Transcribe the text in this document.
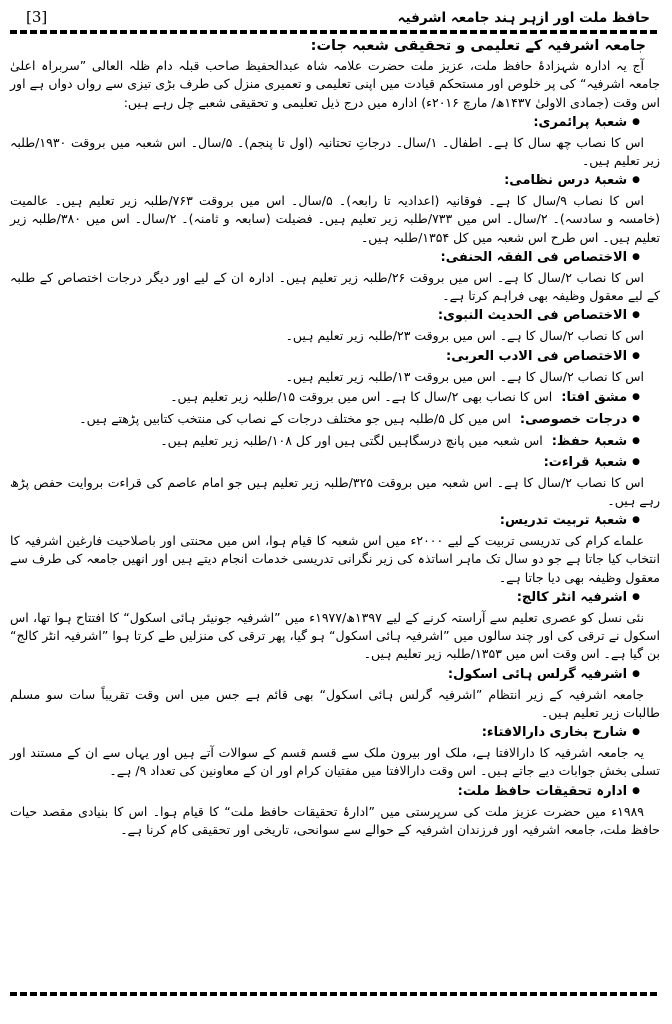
حافظ ملت اور ازہر ہند جامعہ اشرفیہ
[3]
جامعہ اشرفیہ کے تعلیمی و تحقیقی شعبہ جات:

آج یہ ادارہ شہزادۂ حافظ ملت، عزیز ملت حضرت علامہ شاہ عبدالحفیظ صاحب قبلہ دام ظلہ العالی ”سربراہ اعلیٰ جامعہ اشرفیہ“ کی پر خلوص اور مستحکم قیادت میں اپنی تعلیمی و تعمیری منزل کی طرف بڑی تیزی سے رواں دواں ہے اور اس وقت (جمادی الاولیٰ ۱۴۳۷ھ/ مارچ ۲۰۱۶ء) ادارہ میں درج ذیل تعلیمی و تحقیقی شعبے چل رہے ہیں:

●شعبۂ پرائمری:

اس کا نصاب چھ سال کا ہے۔ اطفال۔ ۱/سال۔ درجاتِ تحتانیہ (اول تا پنجم)۔ ۵/سال۔ اس شعبہ میں بروقت ۱۹۳۰/طلبہ زیر تعلیم ہیں۔

●شعبۂ درس نظامی:

اس کا نصاب ۹/سال کا ہے۔ فوقانیہ (اعدادیہ تا رابعہ)۔ ۵/سال۔ اس میں بروقت ۷۶۳/طلبہ زیر تعلیم ہیں۔ عالمیت (خامسہ و سادسہ)۔ ۲/سال۔ اس میں ۷۳۳/طلبہ زیر تعلیم ہیں۔ فضیلت (سابعہ و ثامنہ)۔ ۲/سال۔ اس میں ۳۸۰/طلبہ زیر تعلیم ہیں۔ اس طرح اس شعبہ میں کل ۱۳۵۴/طلبہ ہیں۔

●الاختصاص فی الفقہ الحنفی:

اس کا نصاب ۲/سال کا ہے۔ اس میں بروقت ۲۶/طلبہ زیر تعلیم ہیں۔ ادارہ ان کے لیے اور دیگر درجات اختصاص کے طلبہ کے لیے معقول وظیفہ بھی فراہم کرتا ہے۔

●الاختصاص فی الحدیث النبوی:

اس کا نصاب ۲/سال کا ہے۔ اس میں بروقت ۲۳/طلبہ زیر تعلیم ہیں۔

●الاختصاص فی الادب العربی:

اس کا نصاب ۲/سال کا ہے۔ اس میں بروقت ۱۳/طلبہ زیر تعلیم ہیں۔

●مشق افتا:اس کا نصاب بھی ۲/سال کا ہے۔ اس میں بروقت ۱۵/طلبہ زیر تعلیم ہیں۔
●درجات خصوصی:اس میں کل ۵/طلبہ ہیں جو مختلف درجات کے نصاب کی منتخب کتابیں پڑھتے ہیں۔
●شعبۂ حفظ:اس شعبہ میں پانچ درسگاہیں لگتی ہیں اور کل ۱۰۸/طلبہ زیر تعلیم ہیں۔
●شعبۂ قراءت:

اس کا نصاب ۲/سال کا ہے۔ اس شعبہ میں بروقت ۳۲۵/طلبہ زیر تعلیم ہیں جو امام عاصم کی قراءت بروایت حفص پڑھ رہے ہیں۔

●شعبۂ تربیت تدریس:

علماے کرام کی تدریسی تربیت کے لیے ۲۰۰۰ء میں اس شعبہ کا قیام ہوا، اس میں محنتی اور باصلاحیت فارغین اشرفیہ کا انتخاب کیا جاتا ہے جو دو سال تک ماہر اساتذہ کی زیر نگرانی تدریسی خدمات انجام دیتے ہیں اور انھیں جامعہ کی طرف سے معقول وظیفہ بھی دیا جاتا ہے۔

●اشرفیہ انٹر کالج:

نئی نسل کو عصری تعلیم سے آراستہ کرنے کے لیے ۱۳۹۷ھ/۱۹۷۷ء میں ”اشرفیہ جونیئر ہائی اسکول“ کا افتتاح ہوا تھا، اس اسکول نے ترقی کی اور چند سالوں میں ”اشرفیہ ہائی اسکول“ ہو گیا، پھر ترقی کی منزلیں طے کرتا ہوا ”اشرفیہ انٹر کالج“ بن گیا ہے۔ اس وقت اس میں ۱۳۵۳/طلبہ زیر تعلیم ہیں۔

●اشرفیہ گرلس ہائی اسکول:

جامعہ اشرفیہ کے زیر انتظام ”اشرفیہ گرلس ہائی اسکول“ بھی قائم ہے جس میں اس وقت تقریباً سات سو مسلم طالبات زیر تعلیم ہیں۔

●شارح بخاری دارالافتاء:

یہ جامعہ اشرفیہ کا دارالافتا ہے، ملک اور بیرون ملک سے قسم قسم کے سوالات آتے ہیں اور یہاں سے ان کے مستند اور تسلی بخش جوابات دیے جاتے ہیں۔ اس وقت دارالافتا میں مفتیان کرام اور ان کے معاونین کی تعداد ۹/ ہے۔

●ادارہ تحقیقات حافظ ملت:

۱۹۸۹ء میں حضرت عزیز ملت کی سرپرستی میں ”ادارۂ تحقیقات حافظ ملت“ کا قیام ہوا۔ اس کا بنیادی مقصد حیات حافظ ملت، جامعہ اشرفیہ اور فرزندان اشرفیہ کے حوالے سے سوانحی، تاریخی اور تحقیقی کام کرنا ہے۔
